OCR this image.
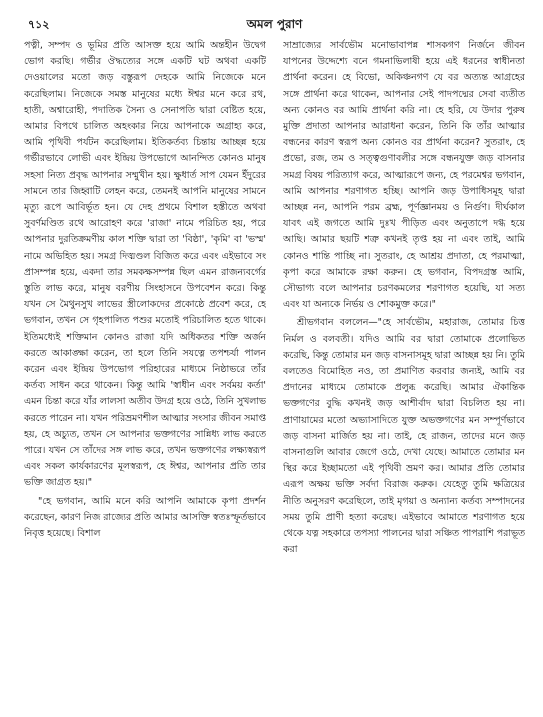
৭১২	অমল পুরাণ

পত্নী, সম্পদ ও ভূমির প্রতি আসক্ত হয়ে আমি অন্তহীন উদ্বেগ ভোগ করছি। গর্ভীর ঔদ্ধত্যের সঙ্গে একটি ঘট অথবা একটি দেওয়ালের মতো জড় বস্তুরূপ দেহকে আমি নিজেকে মনে করেছিলাম। নিজেকে সমস্ত মানুষের মধ্যে ঈশ্বর মনে করে রথ, হাতী, অশ্বারোহী, পদাতিক সৈন্য ও সেনাপতি দ্বারা বেষ্টিত হয়ে, আমার বিপথে চালিত অহংকার নিয়ে আপনাকে অগ্রাহ্য করে, আমি পৃথিবী পর্যটন করেছিলাম। ইতিকর্তব্য চিন্তায় আচ্ছন্ন হয়ে গর্ভীরভাবে লোভী এবং ইন্দ্রিয় উপভোগে আনন্দিত কোনও মানুষ সহসা নিত্য প্রবৃদ্ধ আপনার সম্মুখীন হয়। ক্ষুধার্ত সাপ যেমন ইঁদুরের সামনে তার জিহ্বাটি লেহন করে, তেমনই আপনি মানুষের সামনে মৃত্যু রূপে আবির্ভূত হন। যে দেহ প্রথমে বিশাল হস্তীতে অথবা সুবর্ণমণ্ডিত রথে আরোহণ করে 'রাজা' নামে পরিচিত হয়, পরে আপনার দুরতিক্রমণীয় কাল শক্তি দ্বারা তা 'বিষ্ঠা', 'কৃমি' বা 'ভস্ম' নামে অভিহিত হয়। সমগ্র দিঙ্মণ্ডল বিজিত করে এবং এইভাবে সং প্রাসম্পন্ন হয়ে, একদা তার সমকক্ষসম্পন্ন ছিল এমন রাজন্যবর্গের স্তুতি লাভ করে, মানুষ বরণীয় সিংহাসনে উপবেশন করে। কিন্তু যখন সে মৈথুনসুখ লাভের স্ত্রীলোকদের প্রকোষ্ঠে প্রবেশ করে, হে ভগবান, তখন সে গৃহপালিত পশুর মতোই পরিচালিত হতে থাকে। ইতিমধ্যেই শক্তিমান কোনও রাজা যদি অধিকতর শক্তি অর্জন করতে আকাঙ্ক্ষা করেন, তা হলে তিনি সযত্নে তপশ্চর্যা পালন করেন এবং ইন্দ্রিয় উপভোগ পরিহারের মাধ্যমে নিষ্ঠাভরে তাঁর কর্তব্য সাধন করে থাকেন। কিন্তু আমি 'স্বাধীন এবং সর্বময় কর্তা' এমন চিন্তা করে যাঁর লালসা অতীব উদগ্র হয়ে ওঠে, তিনি সুখলাভ করতে পারেন না। যখন পরিভ্রমণশীল আত্মার সংসার জীবন সমাপ্ত হয়, হে অচ্যুত, তখন সে আপনার ভক্তগণের সান্নিধ্য লাভ করতে পারে। যখন সে তাঁদের সঙ্গ লাভ করে, তখন ভক্তগণের লক্ষ্যস্বরূপ এবং সকল কার্যকারণের মূলস্বরূপ, হে ঈশ্বর, আপনার প্রতি তার ভক্তি জাগ্রত হয়।"

"হে ভগবান, আমি মনে করি আপনি আমাকে কৃপা প্রদর্শন করেছেন, কারণ নিজ রাজ্যের প্রতি আমার আসক্তি স্বতঃস্ফূর্তভাবে নিবৃত্ত হয়েছে। বিশাল

সাম্রাজ্যের সার্বভৌম মনোভাবাপন্ন শাসকগণ নির্জনে জীবন যাপনের উদ্দেশ্যে বনে গমনাভিলাষী হয়ে এই ধরনের স্বাধীনতা প্রার্থনা করেন। হে বিভো, অকিঞ্চনগণ যে বর অত্যন্ত আগ্রহের সঙ্গে প্রার্থনা করে থাকেন, আপনার সেই পাদপদ্মের সেবা ব্যতীত অন্য কোনও বর আমি প্রার্থনা করি না। হে হরি, যে উদার পুরুষ মুক্তি প্রদাতা আপনার আরাধনা করেন, তিনি কি তাঁর আত্মার বন্ধনের কারণ স্বরূপ অন্য কোনও বর প্রার্থনা করেন? সুতরাং, হে প্রভো, রজ, তম ও সত্ত্বগুণাবলীর সঙ্গে বন্ধনযুক্ত জড় বাসনার সমগ্র বিষয় পরিত্যাগ করে, আত্মারূপে জন্য, হে পরমেশ্বর ভগবান, আমি আপনার শরণাগত হচ্ছি। আপনি জড় উপাধিসমূহ দ্বারা আচ্ছন্ন নন, আপনি পরম ব্রহ্ম, পূর্ণজ্ঞানময় ও নির্গুণ। দীর্ঘকাল যাবৎ এই জগতে আমি দুঃখ পীড়িত এবং অনুতাপে দগ্ধ হয়ে আছি। আমার ছয়টি শত্রু কখনই তৃপ্ত হয় না এবং তাই, আমি কোনও শান্তি পাচ্ছি না। সুতরাং, হে আশ্রয় প্রদাতা, হে পরমাত্মা, কৃপা করে আমাকে রক্ষা করুন। হে ভগবান, বিপদগ্রস্ত আমি, সৌভাগ্য বলে আপনার চরণকমলের শরণাগত হয়েছি, যা সত্য এবং যা অন্যকে নির্ভয় ও শোকমুক্ত করে।"

শ্রীভগবান বললেন—"হে সার্বভৌম, মহারাজ, তোমার চিত্ত নির্মল ও বলবতী। যদিও আমি বর দ্বারা তোমাকে প্রলোভিত করেছি, কিন্তু তোমার মন জড় বাসনাসমূহ দ্বারা আচ্ছন্ন হয় নি। তুমি বলতেও বিমোহিত নও, তা প্রমাণিত করবার জন্যই, আমি বর প্রদানের মাধ্যমে তোমাকে প্রলুব্ধ করেছি। আমার ঐকান্তিক ভক্তগণের বুদ্ধি কখনই জড় আশীর্বাদ দ্বারা বিচলিত হয় না। প্রাণায়ামের মতো অভ্যাসাদিতে যুক্ত অভক্তগণের মন সম্পূর্ণভাবে জড় বাসনা মার্জিত হয় না। তাই, হে রাজন, তাদের মনে জড় বাসনাগুলি আবার জেগে ওঠে, দেখা যেছে। আমাতে তোমার মন স্থির করে ইচ্ছামতো এই পৃথিবী ভ্রমণ কর। আমার প্রতি তোমার এরূপ অক্ষয় ভক্তি সর্বদা বিরাজ করুক। যেহেতু তুমি ক্ষত্রিয়ের নীতি অনুসরণ করেছিলে, তাই মৃগয়া ও অন্যান্য কর্তব্য সম্পাদনের সময় তুমি প্রাণী হত্যা করেছ। এইভাবে আমাতে শরণাগত হয়ে থেকে যত্ন সহকারে তপস্যা পালনের দ্বারা সঞ্চিত পাপরাশি পরাভূত করা
